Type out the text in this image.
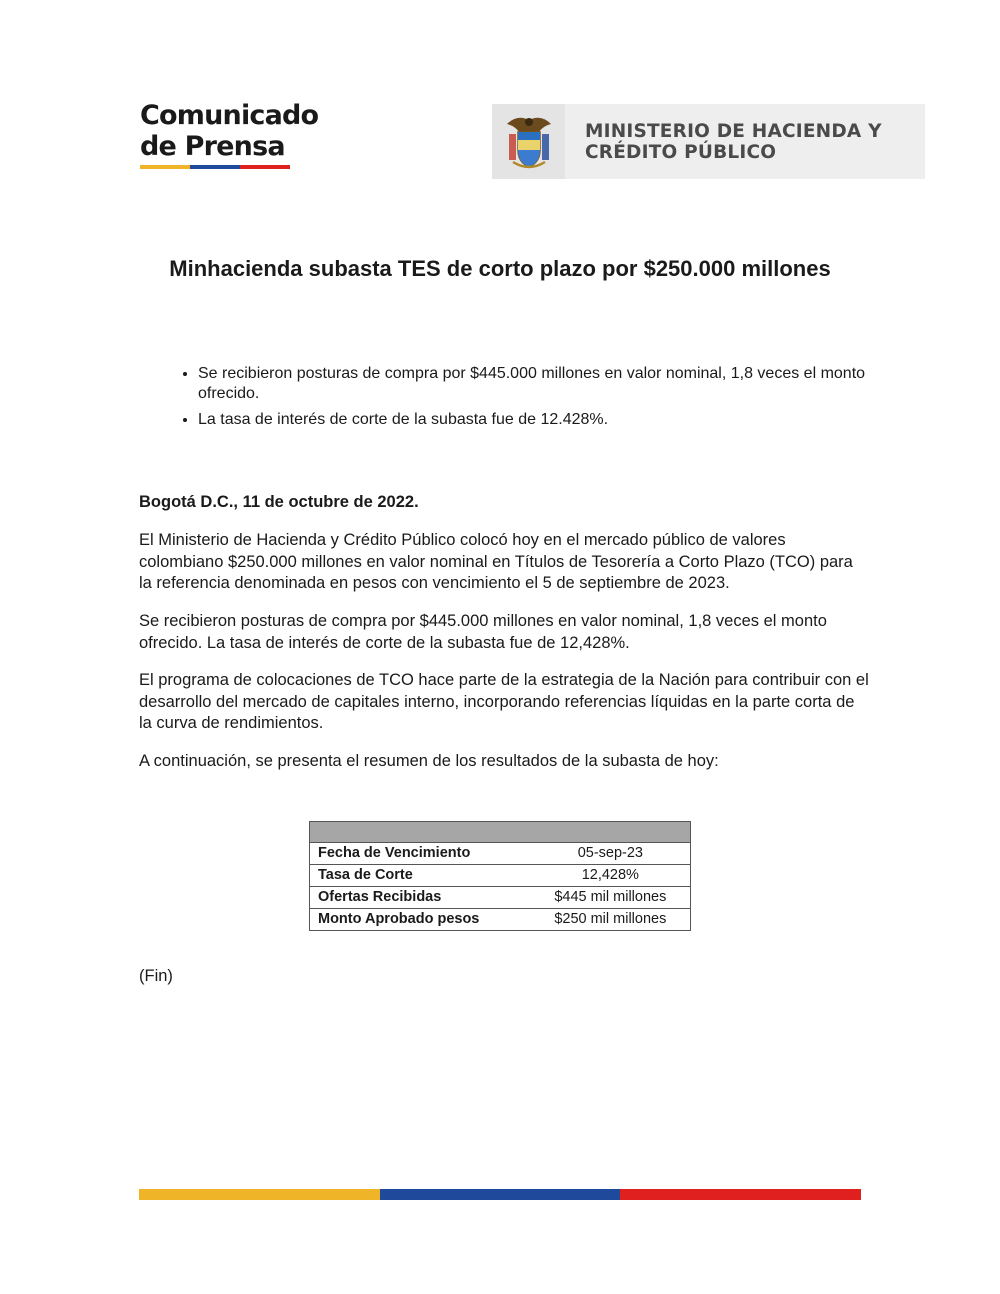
Comunicado
de Prensa	MINISTERIO DE HACIENDA Y
CRÉDITO PÚBLICO
Minhacienda subasta TES de corto plazo por $250.000 millones
• Se recibieron posturas de compra por $445.000 millones en valor nominal, 1,8 veces el monto ofrecido.
• La tasa de interés de corte de la subasta fue de 12.428%.
Bogotá D.C., 11 de octubre de 2022.
El Ministerio de Hacienda y Crédito Público colocó hoy en el mercado público de valores colombiano $250.000 millones en valor nominal en Títulos de Tesorería a Corto Plazo (TCO) para la referencia denominada en pesos con vencimiento el 5 de septiembre de 2023.
Se recibieron posturas de compra por $445.000 millones en valor nominal, 1,8 veces el monto ofrecido. La tasa de interés de corte de la subasta fue de 12,428%.
El programa de colocaciones de TCO hace parte de la estrategia de la Nación para contribuir con el desarrollo del mercado de capitales interno, incorporando referencias líquidas en la parte corta de la curva de rendimientos.
A continuación, se presenta el resumen de los resultados de la subasta de hoy:

Fecha de Vencimiento	05-sep-23
Tasa de Corte	12,428%
Ofertas Recibidas	$445 mil millones
Monto Aprobado pesos	$250 mil millones
(Fin)
